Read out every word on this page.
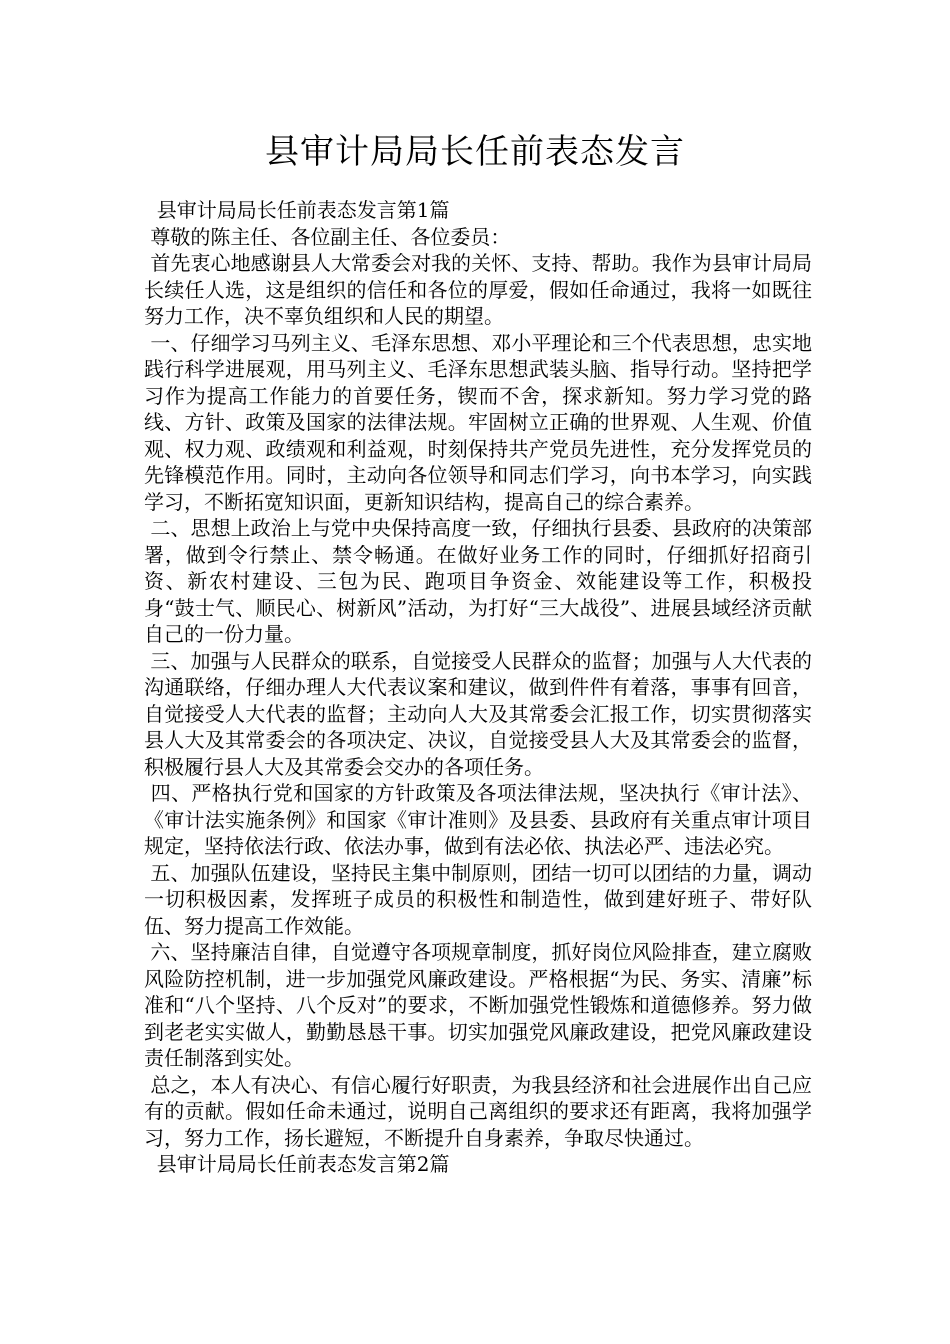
县审计局局长任前表态发言

县审计局局长任前表态发言第1篇

尊敬的陈主任、各位副主任、各位委员：

首先衷心地感谢县人大常委会对我的关怀、支持、帮助。我作为县审计局局长续任人选，这是组织的信任和各位的厚爱，假如任命通过，我将一如既往努力工作，决不辜负组织和人民的期望。

一、仔细学习马列主义、毛泽东思想、邓小平理论和三个代表思想，忠实地践行科学进展观，用马列主义、毛泽东思想武装头脑、指导行动。坚持把学习作为提高工作能力的首要任务，锲而不舍，探求新知。努力学习党的路线、方针、政策及国家的法律法规。牢固树立正确的世界观、人生观、价值观、权力观、政绩观和利益观，时刻保持共产党员先进性，充分发挥党员的先锋模范作用。同时，主动向各位领导和同志们学习，向书本学习，向实践学习，不断拓宽知识面，更新知识结构，提高自己的综合素养。

二、思想上政治上与党中央保持高度一致，仔细执行县委、县政府的决策部署，做到令行禁止、禁令畅通。在做好业务工作的同时，仔细抓好招商引资、新农村建设、三包为民、跑项目争资金、效能建设等工作，积极投身“鼓士气、顺民心、树新风”活动，为打好“三大战役”、进展县域经济贡献自己的一份力量。

三、加强与人民群众的联系，自觉接受人民群众的监督；加强与人大代表的沟通联络，仔细办理人大代表议案和建议，做到件件有着落，事事有回音，自觉接受人大代表的监督；主动向人大及其常委会汇报工作，切实贯彻落实县人大及其常委会的各项决定、决议，自觉接受县人大及其常委会的监督，积极履行县人大及其常委会交办的各项任务。

四、严格执行党和国家的方针政策及各项法律法规，坚决执行《审计法》、《审计法实施条例》和国家《审计准则》及县委、县政府有关重点审计项目规定，坚持依法行政、依法办事，做到有法必依、执法必严、违法必究。

五、加强队伍建设，坚持民主集中制原则，团结一切可以团结的力量，调动一切积极因素，发挥班子成员的积极性和制造性，做到建好班子、带好队伍、努力提高工作效能。

六、坚持廉洁自律，自觉遵守各项规章制度，抓好岗位风险排查，建立腐败风险防控机制，进一步加强党风廉政建设。严格根据“为民、务实、清廉”标准和“八个坚持、八个反对”的要求，不断加强党性锻炼和道德修养。努力做到老老实实做人，勤勤恳恳干事。切实加强党风廉政建设，把党风廉政建设责任制落到实处。

总之，本人有决心、有信心履行好职责，为我县经济和社会进展作出自己应有的贡献。假如任命未通过，说明自己离组织的要求还有距离，我将加强学习，努力工作，扬长避短，不断提升自身素养，争取尽快通过。

县审计局局长任前表态发言第2篇
